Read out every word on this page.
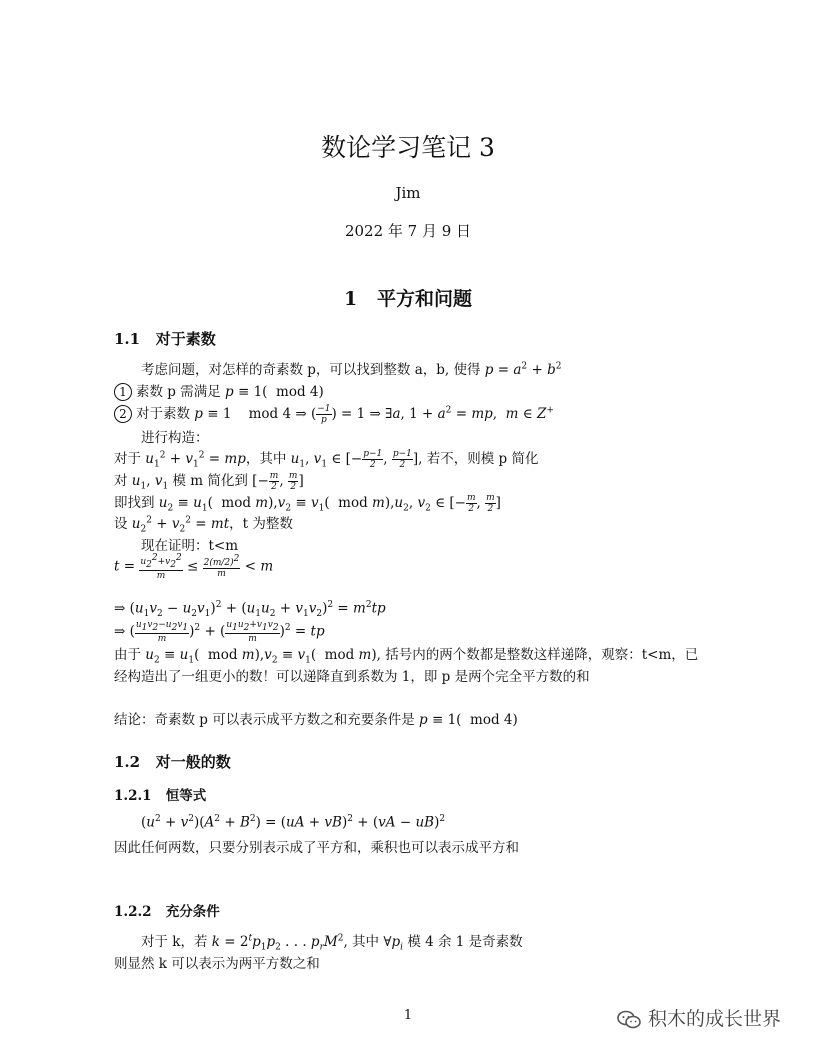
数论学习笔记 3
Jim
2022 年 7 月 9 日
1 平方和问题
1.1 对于素数
考虑问题，对怎样的奇素数 p，可以找到整数 a，b, 使得 $p = a^2 + b^2$
1 素数 p 需满足 p ≡ 1(  mod 4)
2 对于素数 p ≡ 1    mod 4 ⇒ ( $\frac{-1}{p}$ ) = 1 ⇒ ∃a, $1 + a^2$ = mp,  m ∈ Z+
进行构造：
对于 $u_1^2 + v_1^2$ = mp，其中 $u_1$, $v_1$ ∈ [− $\frac{p-1}{2}$ , $\frac{p-1}{2}$ ], 若不，则模 p 简化
对 $u_1$, $v_1$ 模 m 简化到 [− $\frac{m}{2}$ , $\frac{m}{2}$ ]
即找到 $u_2 \equiv u_1$(  mod $m),v_2 \equiv v_1$(  mod $m),u_2$, $v_2$ ∈ [− $\frac{m}{2}$ , $\frac{m}{2}$ ]
设 $u_2^2 + v_2^2$ = mt，t 为整数
现在证明：t<m
$t = \frac{u_2^2+v_2^2}{m} \le \frac{2(m/2)^2}{m} < m$
⇒ $(u_1v_2 - u_2v_1)^2 + (u_1u_2 + v_1v_2)^2 = m^2tp$
⇒ ( $\frac{u_1v_2-u_2v_1}{m} )^2$ + ( $\frac{u_1u_2+v_1v_2}{m} )^2$ = tp
由于 $u_2 \equiv u_1$(  mod $m),v_2 \equiv v_1$(  mod m), 括号内的两个数都是整数这样递降，观察：t<m，已
经构造出了一组更小的数！可以递降直到系数为 1，即 p 是两个完全平方数的和
结论：奇素数 p 可以表示成平方数之和充要条件是 p ≡ 1(  mod 4)
1.2 对一般的数
1.2.1 恒等式
$(u^2 + v^2)(A^2 + B^2) = (uA + vB)^2 + (vA - uB)^2$
因此任何两数，只要分别表示成了平方和，乘积也可以表示成平方和
1.2.2 充分条件
对于 k，若 $k = 2^tp_1p_2$ . . . $p_rM^2$, 其中 $\forall p_i$ 模 4 余 1 是奇素数
则显然 k 可以表示为两平方数之和
1	积木的成长世界
